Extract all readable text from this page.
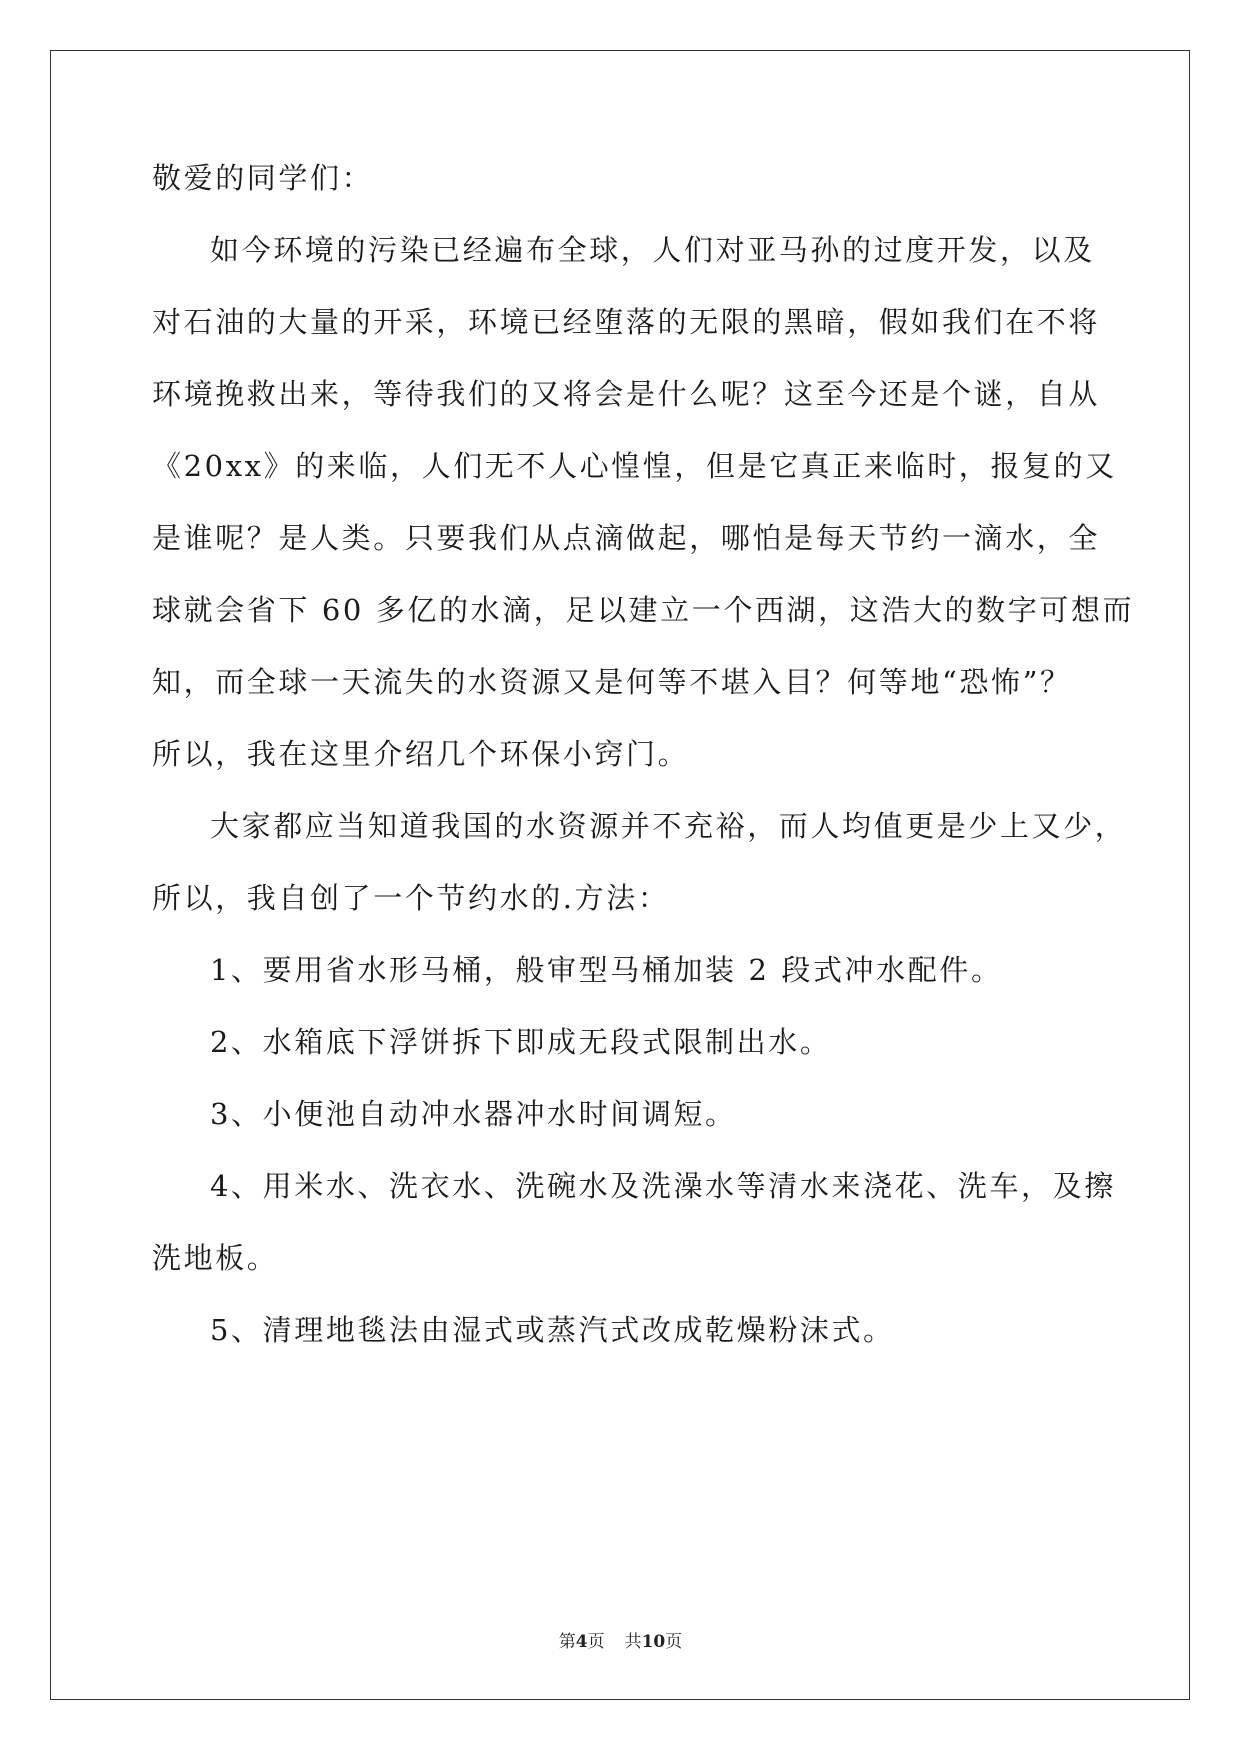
敬爱的同学们：
如今环境的污染已经遍布全球，人们对亚马孙的过度开发，以及
对石油的大量的开采，环境已经堕落的无限的黑暗，假如我们在不将
环境挽救出来，等待我们的又将会是什么呢？这至今还是个谜，自从
《20xx》的来临，人们无不人心惶惶，但是它真正来临时，报复的又
是谁呢？是人类。只要我们从点滴做起，哪怕是每天节约一滴水，全
球就会省下 60 多亿的水滴，足以建立一个西湖，这浩大的数字可想而
知，而全球一天流失的水资源又是何等不堪入目？何等地“恐怖”？
所以，我在这里介绍几个环保小窍门。
大家都应当知道我国的水资源并不充裕，而人均值更是少上又少，
所以，我自创了一个节约水的.方法：
1、要用省水形马桶，般审型马桶加装 2 段式冲水配件。
2、水箱底下浮饼拆下即成无段式限制出水。
3、小便池自动冲水器冲水时间调短。
4、用米水、洗衣水、洗碗水及洗澡水等清水来浇花、洗车，及擦
洗地板。
5、清理地毯法由湿式或蒸汽式改成乾燥粉沫式。
第4页 共10页
